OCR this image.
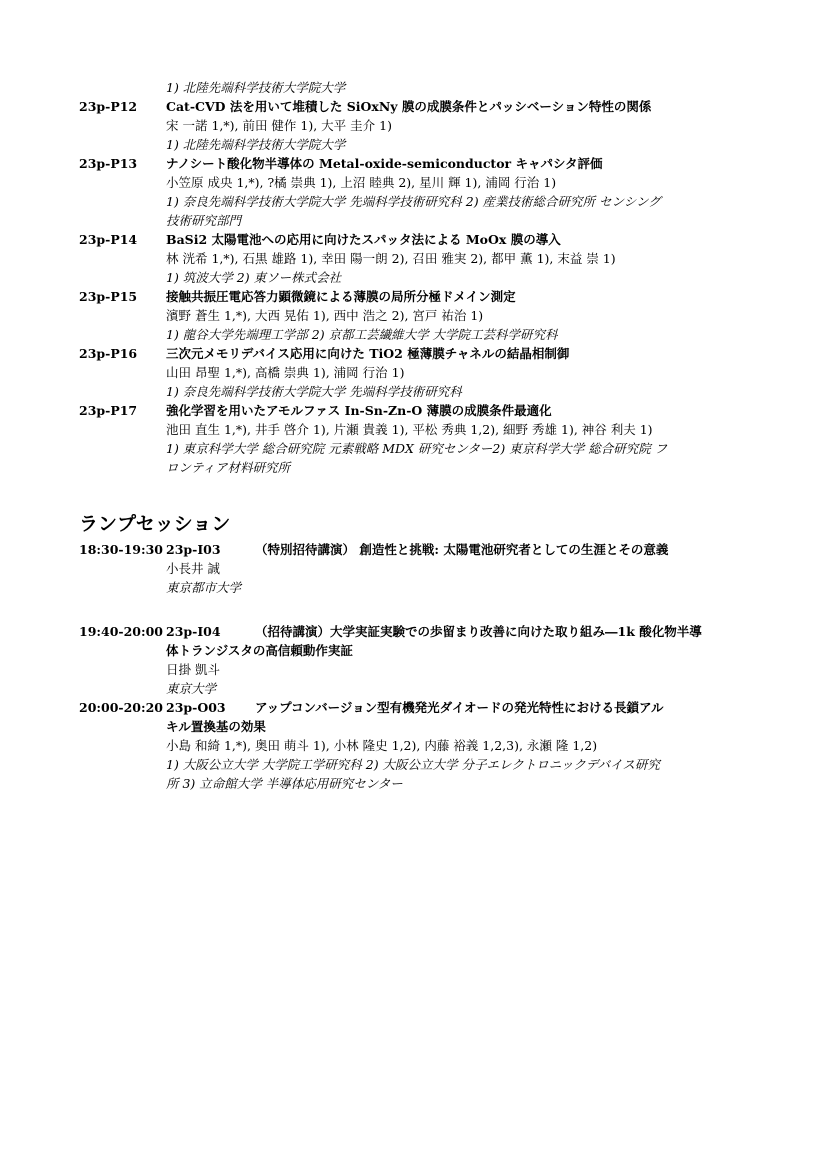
1) 北陸先端科学技術大学院大学
23p-P12 Cat-CVD 法を用いて堆積した SiOxNy 膜の成膜条件とパッシベーション特性の関係
宋 一諾 1,*), 前田 健作 1), 大平 圭介 1)
1) 北陸先端科学技術大学院大学
23p-P13 ナノシート酸化物半導体の Metal-oxide-semiconductor キャパシタ評価
小笠原 成央 1,*), ?橘 崇典 1), 上沼 睦典 2), 星川 輝 1), 浦岡 行治 1)
1) 奈良先端科学技術大学院大学 先端科学技術研究科 2) 産業技術総合研究所 センシング
技術研究部門
23p-P14 BaSi2 太陽電池への応用に向けたスパッタ法による MoOx 膜の導入
林 洸希 1,*), 石黒 雄路 1), 幸田 陽一朗 2), 召田 雅実 2), 都甲 薫 1), 末益 崇 1)
1) 筑波大学 2) 東ソー株式会社
23p-P15 接触共振圧電応答力顕微鏡による薄膜の局所分極ドメイン測定
濱野 蒼生 1,*), 大西 晃佑 1), 西中 浩之 2), 宮戸 祐治 1)
1) 龍谷大学先端理工学部 2) 京都工芸繊維大学 大学院工芸科学研究科
23p-P16 三次元メモリデバイス応用に向けた TiO2 極薄膜チャネルの結晶相制御
山田 昂聖 1,*), 高橋 崇典 1), 浦岡 行治 1)
1) 奈良先端科学技術大学院大学 先端科学技術研究科
23p-P17 強化学習を用いたアモルファス In-Sn-Zn-O 薄膜の成膜条件最適化
池田 直生 1,*), 井手 啓介 1), 片瀬 貴義 1), 平松 秀典 1,2), 細野 秀雄 1), 神谷 利夫 1)
1) 東京科学大学 総合研究院 元素戦略 MDX 研究センター2) 東京科学大学 総合研究院 フ
ロンティア材料研究所
ランプセッション
18:30-19:30 23p-I03	（特別招待講演） 創造性と挑戦: 太陽電池研究者としての生涯とその意義
小長井 誠
東京都市大学
19:40-20:00 23p-I04	（招待講演）大学実証実験での歩留まり改善に向けた取り組み―1k 酸化物半導
体トランジスタの高信頼動作実証
日掛 凱斗
東京大学
20:00-20:20 23p-O03 アップコンバージョン型有機発光ダイオードの発光特性における長鎖アル
キル置換基の効果
小島 和綺 1,*), 奥田 萌斗 1), 小林 隆史 1,2), 内藤 裕義 1,2,3), 永瀬 隆 1,2)
1) 大阪公立大学 大学院工学研究科 2) 大阪公立大学 分子エレクトロニックデバイス研究
所 3) 立命館大学 半導体応用研究センター
